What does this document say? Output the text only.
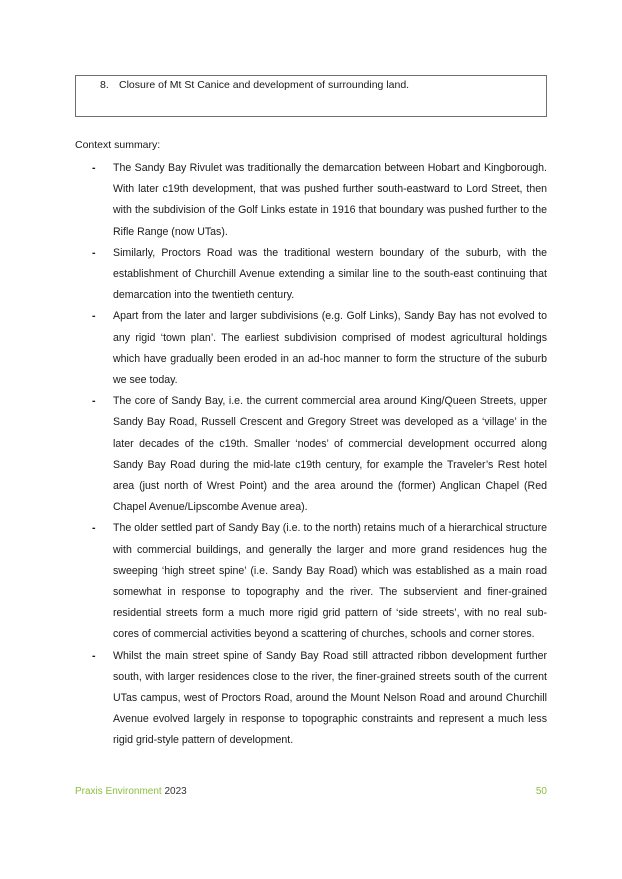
8. Closure of Mt St Canice and development of surrounding land.
Context summary:
- The Sandy Bay Rivulet was traditionally the demarcation between Hobart and Kingborough. With later c19th development, that was pushed further south-eastward to Lord Street, then with the subdivision of the Golf Links estate in 1916 that boundary was pushed further to the Rifle Range (now UTas).
- Similarly, Proctors Road was the traditional western boundary of the suburb, with the establishment of Churchill Avenue extending a similar line to the south-east continuing that demarcation into the twentieth century.
- Apart from the later and larger subdivisions (e.g. Golf Links), Sandy Bay has not evolved to any rigid ‘town plan’. The earliest subdivision comprised of modest agricultural holdings which have gradually been eroded in an ad-hoc manner to form the structure of the suburb we see today.
- The core of Sandy Bay, i.e. the current commercial area around King/Queen Streets, upper Sandy Bay Road, Russell Crescent and Gregory Street was developed as a ‘village’ in the later decades of the c19th. Smaller ‘nodes’ of commercial development occurred along Sandy Bay Road during the mid-late c19th century, for example the Traveler’s Rest hotel area (just north of Wrest Point) and the area around the (former) Anglican Chapel (Red Chapel Avenue/Lipscombe Avenue area).
- The older settled part of Sandy Bay (i.e. to the north) retains much of a hierarchical structure with commercial buildings, and generally the larger and more grand residences hug the sweeping ‘high street spine’ (i.e. Sandy Bay Road) which was established as a main road somewhat in response to topography and the river. The subservient and finer-grained residential streets form a much more rigid grid pattern of ‘side streets’, with no real sub-cores of commercial activities beyond a scattering of churches, schools and corner stores.
- Whilst the main street spine of Sandy Bay Road still attracted ribbon development further south, with larger residences close to the river, the finer-grained streets south of the current UTas campus, west of Proctors Road, around the Mount Nelson Road and around Churchill Avenue evolved largely in response to topographic constraints and represent a much less rigid grid-style pattern of development.
Praxis Environment 2023	50
